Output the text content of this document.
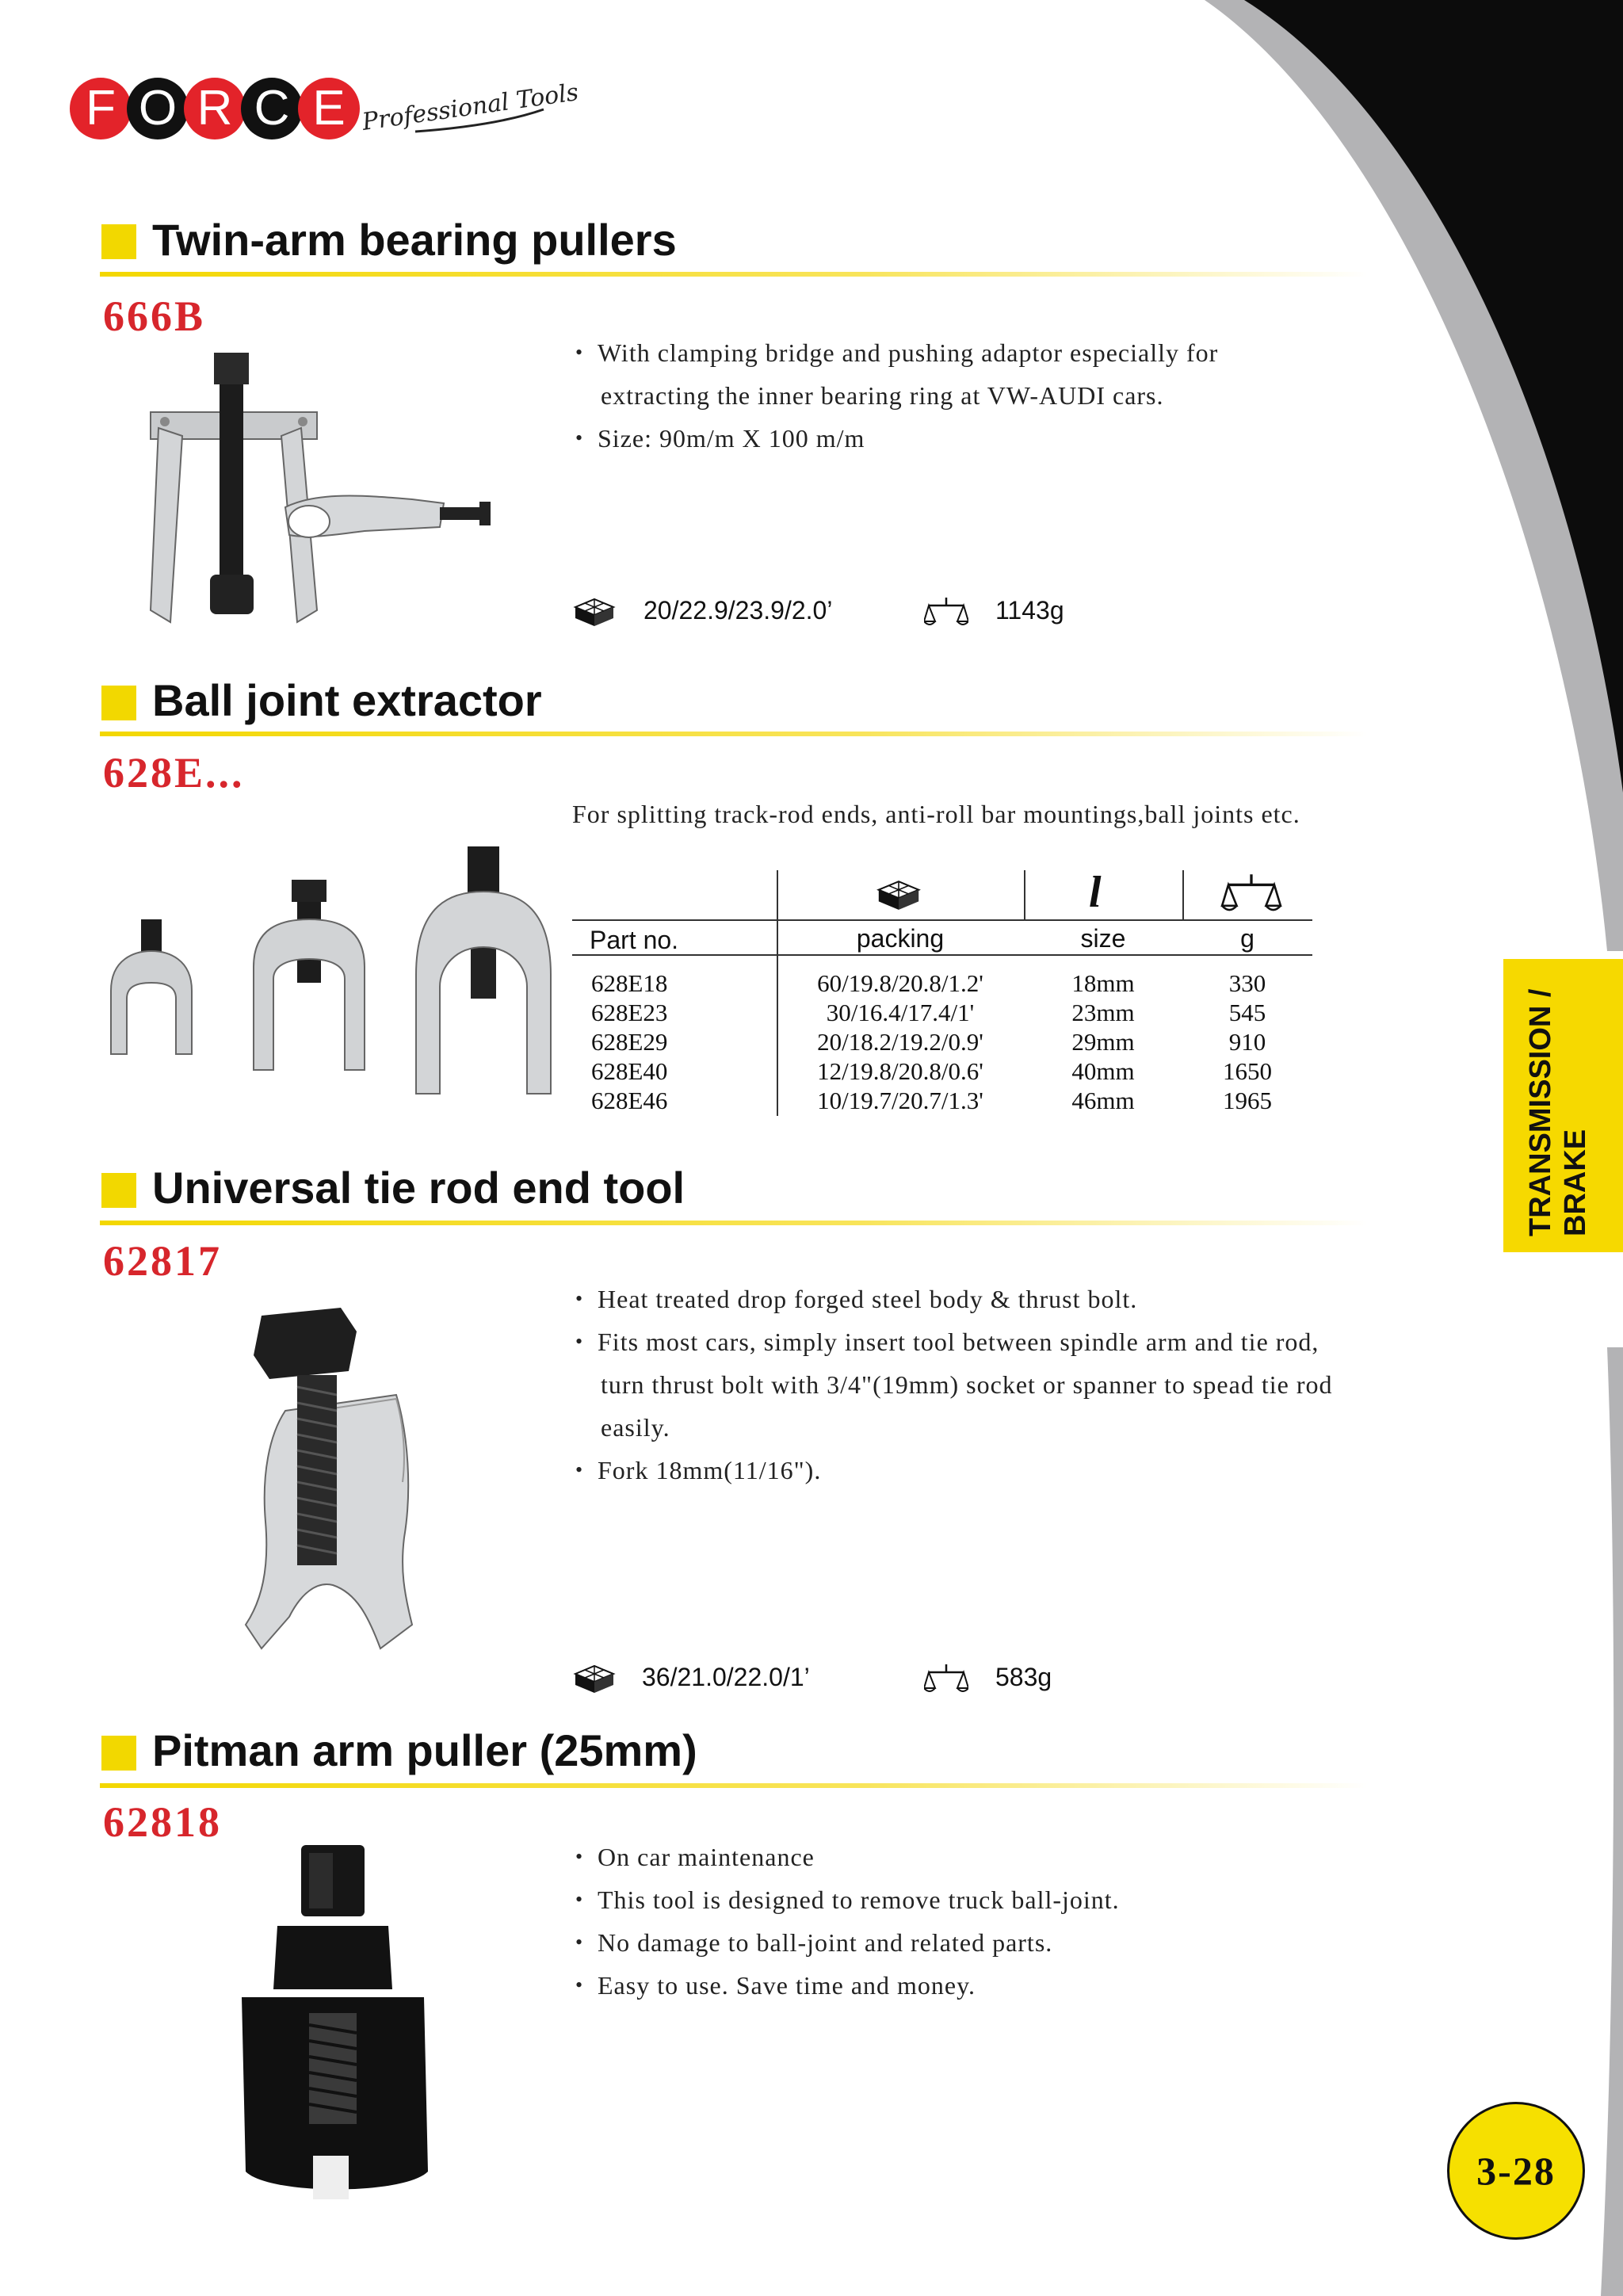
F O R C E Professional Tools
Twin-arm bearing pullers
666B
• With clamping bridge and pushing adaptor especially for
extracting the inner bearing ring at VW-AUDI cars.
• Size: 90m/m X 100 m/m
20/22.9/23.9/2.0’	1143g
Ball joint extractor
628E...
For splitting track-rod ends, anti-roll bar mountings,ball joints etc.
l
Part no.	packing	size	g
628E18	60/19.8/20.8/1.2'	18mm	330
628E23	30/16.4/17.4/1'	23mm	545
628E29	20/18.2/19.2/0.9'	29mm	910
628E40	12/19.8/20.8/0.6'	40mm	1650
628E46	10/19.7/20.7/1.3'	46mm	1965
Universal tie rod end tool
62817
• Heat treated drop forged steel body & thrust bolt.
• Fits most cars, simply insert tool between spindle arm and tie rod,
turn thrust bolt with 3/4"(19mm) socket or spanner to spead tie rod
easily.
• Fork 18mm(11/16").
36/21.0/22.0/1’	583g
Pitman arm puller (25mm)
62818
• On car maintenance
• This tool is designed to remove truck ball-joint.
• No damage to ball-joint and related parts.
• Easy to use. Save time and money.
TRANSMISSION / BRAKE
3-28
